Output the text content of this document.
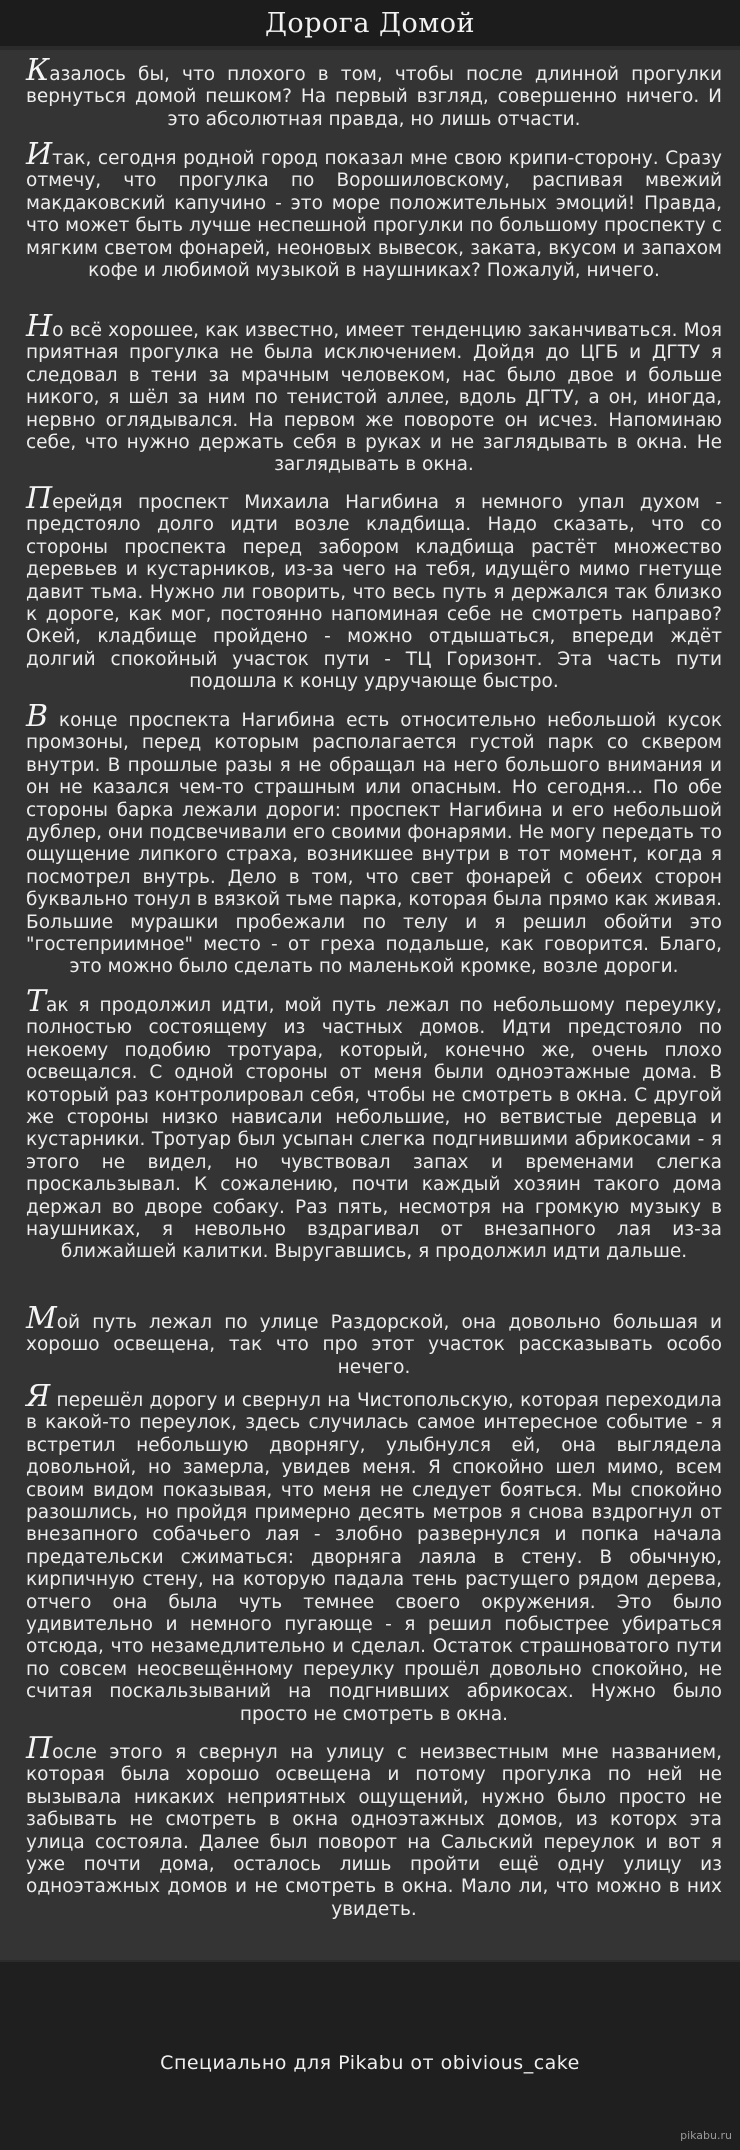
Дорога Домой

Казалось бы, что плохого в том, чтобы после длинной прогулки вернуться домой пешком? На первый взгляд, совершенно ничего. И это абсолютная правда, но лишь отчасти.

Итак, сегодня родной город показал мне свою крипи-сторону. Сразу отмечу, что прогулка по Ворошиловскому, распивая мвежий макдаковский капучино - это море положительных эмоций! Правда, что может быть лучше неспешной прогулки по большому проспекту с мягким светом фонарей, неоновых вывесок, заката, вкусом и запахом кофе и любимой музыкой в наушниках? Пожалуй, ничего.

Но всё хорошее, как известно, имеет тенденцию заканчиваться. Моя приятная прогулка не была исключением. Дойдя до ЦГБ и ДГТУ я следовал в тени за мрачным человеком, нас было двое и больше никого, я шёл за ним по тенистой аллее, вдоль ДГТУ, а он, иногда, нервно оглядывался. На первом же повороте он исчез. Напоминаю себе, что нужно держать себя в руках и не заглядывать в окна. Не заглядывать в окна.

Перейдя проспект Михаила Нагибина я немного упал духом - предстояло долго идти возле кладбища. Надо сказать, что со стороны проспекта перед забором кладбища растёт множество деревьев и кустарников, из-за чего на тебя, идущёго мимо гнетуще давит тьма. Нужно ли говорить, что весь путь я держался так близко к дороге, как мог, постоянно напоминая себе не смотреть направо? Окей, кладбище пройдено - можно отдышаться, впереди ждёт долгий спокойный участок пути - ТЦ Горизонт. Эта часть пути подошла к концу удручающе быстро.

В конце проспекта Нагибина есть относительно небольшой кусок промзоны, перед которым располагается густой парк со сквером внутри. В прошлые разы я не обращал на него большого внимания и он не казался чем-то страшным или опасным. Но сегодня... По обе стороны барка лежали дороги: проспект Нагибина и его небольшой дублер, они подсвечивали его своими фонарями. Не могу передать то ощущение липкого страха, возникшее внутри в тот момент, когда я посмотрел внутрь. Дело в том, что свет фонарей с обеих сторон буквально тонул в вязкой тьме парка, которая была прямо как живая. Большие мурашки пробежали по телу и я решил обойти это "гостеприимное" место - от греха подальше, как говорится. Благо, это можно было сделать по маленькой кромке, возле дороги.

Так я продолжил идти, мой путь лежал по небольшому переулку, полностью состоящему из частных домов. Идти предстояло по некоему подобию тротуара, который, конечно же, очень плохо освещался. С одной стороны от меня были одноэтажные дома. В который раз контролировал себя, чтобы не смотреть в окна. С другой же стороны низко нависали небольшие, но ветвистые деревца и кустарники. Тротуар был усыпан слегка подгнившими абрикосами - я этого не видел, но чувствовал запах и временами слегка проскальзывал. К сожалению, почти каждый хозяин такого дома держал во дворе собаку. Раз пять, несмотря на громкую музыку в наушниках, я невольно вздрагивал от внезапного лая из-за ближайшей калитки. Выругавшись, я продолжил идти дальше.

Мой путь лежал по улице Раздорской, она довольно большая и хорошо освещена, так что про этот участок рассказывать особо нечего.

Я перешёл дорогу и свернул на Чистопольскую, которая переходила в какой-то переулок, здесь случилась самое интересное событие - я встретил небольшую дворнягу, улыбнулся ей, она выглядела довольной, но замерла, увидев меня. Я спокойно шел мимо, всем своим видом показывая, что меня не следует бояться. Мы спокойно разошлись, но пройдя примерно десять метров я снова вздрогнул от внезапного собачьего лая - злобно развернулся и попка начала предательски сжиматься: дворняга лаяла в стену. В обычную, кирпичную стену, на которую падала тень растущего рядом дерева, отчего она была чуть темнее своего окружения. Это было удивительно и немного пугающе - я решил побыстрее убираться отсюда, что незамедлительно и сделал. Остаток страшноватого пути по совсем неосвещённому переулку прошёл довольно спокойно, не считая поскальзываний на подгнивших абрикосах. Нужно было просто не смотреть в окна.

После этого я свернул на улицу с неизвестным мне названием, которая была хорошо освещена и потому прогулка по ней не вызывала никаких неприятных ощущений, нужно было просто не забывать не смотреть в окна одноэтажных домов, из которх эта улица состояла. Далее был поворот на Сальский переулок и вот я уже почти дома, осталось лишь пройти ещё одну улицу из одноэтажных домов и не смотреть в окна. Мало ли, что можно в них увидеть.

Специально для Pikabu от obivious_cake
pikabu.ru
